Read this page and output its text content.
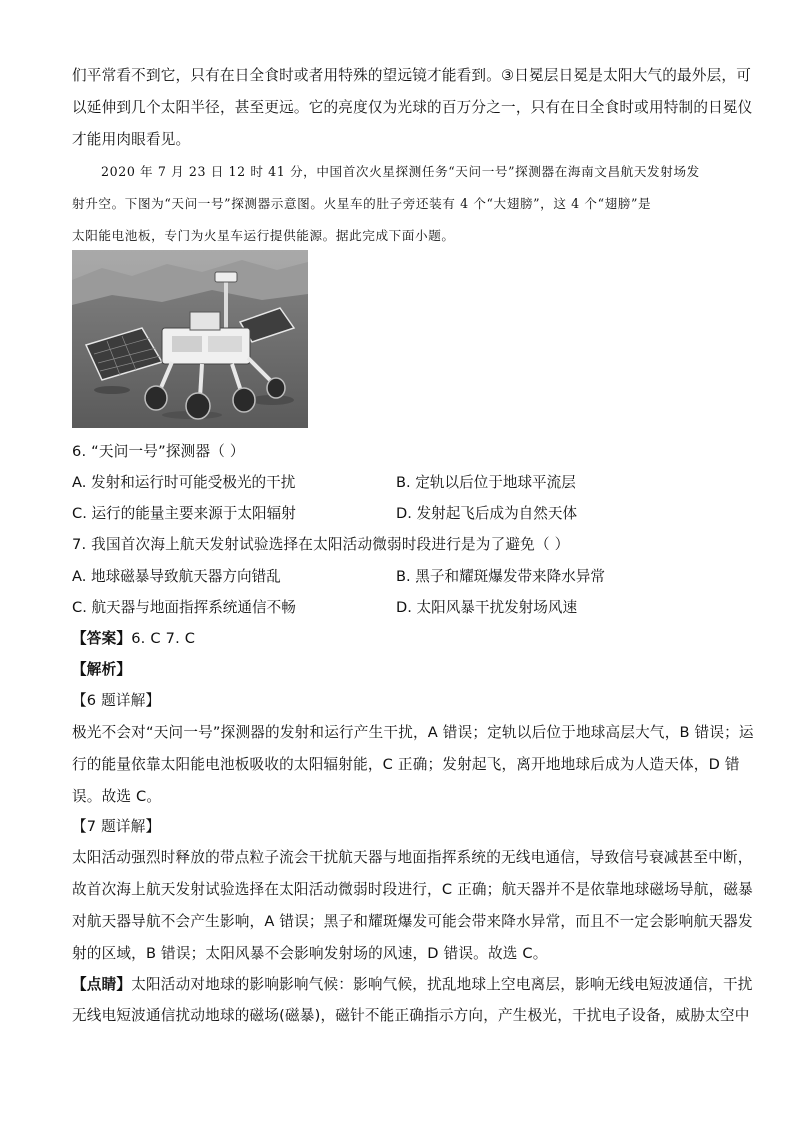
们平常看不到它，只有在日全食时或者用特殊的望远镜才能看到。③日冕层日冕是太阳大气的最外层，可
以延伸到几个太阳半径，甚至更远。它的亮度仅为光球的百万分之一，只有在日全食时或用特制的日冕仪
才能用肉眼看见。
2020 年 7 月 23 日 12 时 41 分，中国首次火星探测任务“天问一号”探测器在海南文昌航天发射场发
射升空。下图为“天问一号”探测器示意图。火星车的肚子旁还装有 4 个“大翅膀”，这 4 个“翅膀”是
太阳能电池板，专门为火星车运行提供能源。据此完成下面小题。
6. “天问一号”探测器（ ）
A. 发射和运行时可能受极光的干扰	B. 定轨以后位于地球平流层
C. 运行的能量主要来源于太阳辐射	D. 发射起飞后成为自然天体
7. 我国首次海上航天发射试验选择在太阳活动微弱时段进行是为了避免（ ）
A. 地球磁暴导致航天器方向错乱	B. 黑子和耀斑爆发带来降水异常
C. 航天器与地面指挥系统通信不畅	D. 太阳风暴干扰发射场风速
【答案】6. C 7. C
【解析】
【6 题详解】
极光不会对“天问一号”探测器的发射和运行产生干扰，A 错误；定轨以后位于地球高层大气，B 错误；运
行的能量依靠太阳能电池板吸收的太阳辐射能，C 正确；发射起飞，离开地地球后成为人造天体，D 错
误。故选 C。
【7 题详解】
太阳活动强烈时释放的带点粒子流会干扰航天器与地面指挥系统的无线电通信，导致信号衰减甚至中断，
故首次海上航天发射试验选择在太阳活动微弱时段进行，C 正确；航天器并不是依靠地球磁场导航，磁暴
对航天器导航不会产生影响，A 错误；黑子和耀斑爆发可能会带来降水异常，而且不一定会影响航天器发
射的区域，B 错误；太阳风暴不会影响发射场的风速，D 错误。故选 C。
【点睛】太阳活动对地球的影响影响气候：影响气候，扰乱地球上空电离层，影响无线电短波通信，干扰
无线电短波通信扰动地球的磁场(磁暴)，磁针不能正确指示方向，产生极光，干扰电子设备，威胁太空中
